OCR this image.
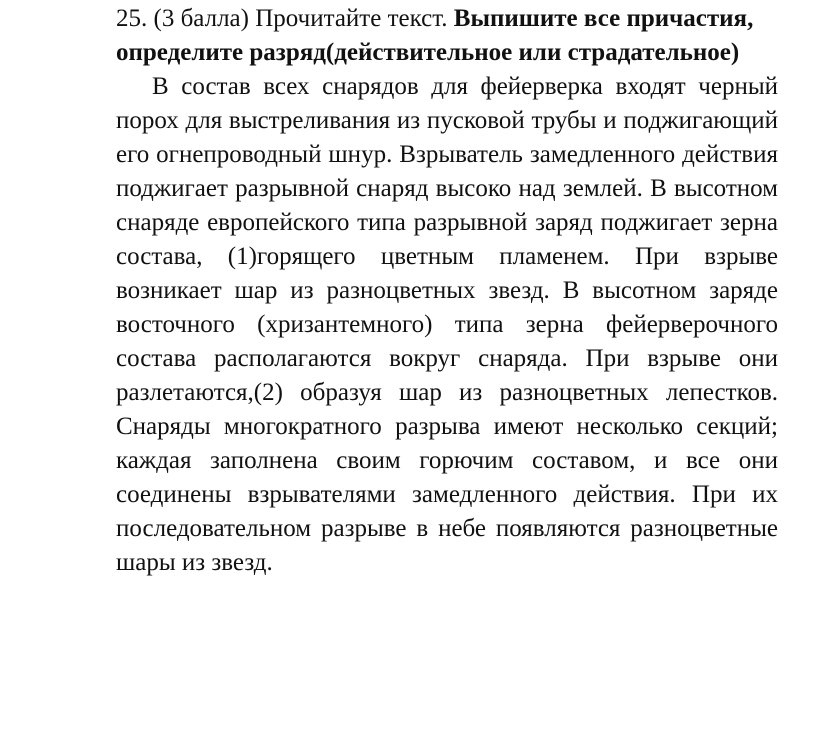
25. (3 балла) Прочитайте текст. Выпишите все причастия, определите разряд(действительное или страдательное)

В состав всех снарядов для фейерверка входят черный порох для выстреливания из пусковой трубы и поджигающий его огнепроводный шнур. Взрыватель замедленного действия поджигает разрывной снаряд высоко над землей. В высотном снаряде европейского типа разрывной заряд поджигает зерна состава, (1)горящего цветным пламенем. При взрыве возникает шар из разноцветных звезд. В высотном заряде восточного (хризантемного) типа зерна фейерверочного состава располагаются вокруг снаряда. При взрыве они разлетаются,(2) образуя шар из разноцветных лепестков. Снаряды многократного разрыва имеют несколько секций; каждая заполнена своим горючим составом, и все они соединены взрывателями замедленного действия. При их последовательном разрыве в небе появляются разноцветные шары из звезд.
